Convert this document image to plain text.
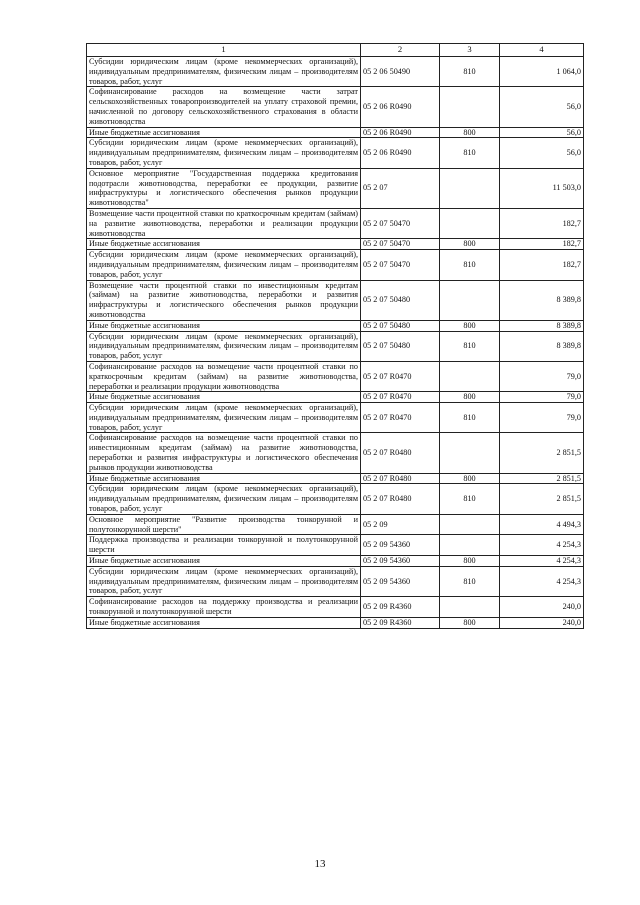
1	2	3	4
Субсидии юридическим лицам (кроме некоммерческих организаций), индивидуальным предпринимателям, физическим лицам – производителям товаров, работ, услуг	05 2 06 50490	810	1 064,0
Софинансирование расходов на возмещение части затрат сельскохозяйственных товаропроизводителей на уплату страховой премии, начисленной по договору сельскохозяйственного страхования в области животноводства	05 2 06 R0490		56,0
Иные бюджетные ассигнования	05 2 06 R0490	800	56,0
Субсидии юридическим лицам (кроме некоммерческих организаций), индивидуальным предпринимателям, физическим лицам – производителям товаров, работ, услуг	05 2 06 R0490	810	56,0
Основное мероприятие "Государственная поддержка кредитования подотрасли животноводства, переработки ее продукции, развитие инфраструктуры и логистического обеспечения рынков продукции животноводства"	05 2 07		11 503,0
Возмещение части процентной ставки по краткосрочным кредитам (займам) на развитие животноводства, переработки и реализации продукции животноводства	05 2 07 50470		182,7
Иные бюджетные ассигнования	05 2 07 50470	800	182,7
Субсидии юридическим лицам (кроме некоммерческих организаций), индивидуальным предпринимателям, физическим лицам – производителям товаров, работ, услуг	05 2 07 50470	810	182,7
Возмещение части процентной ставки по инвестиционным кредитам (займам) на развитие животноводства, переработки и развития инфраструктуры и логистического обеспечения рынков продукции животноводства	05 2 07 50480		8 389,8
Иные бюджетные ассигнования	05 2 07 50480	800	8 389,8
Субсидии юридическим лицам (кроме некоммерческих организаций), индивидуальным предпринимателям, физическим лицам – производителям товаров, работ, услуг	05 2 07 50480	810	8 389,8
Софинансирование расходов на возмещение части процентной ставки по краткосрочным кредитам (займам) на развитие животноводства, переработки и реализации продукции животноводства	05 2 07 R0470		79,0
Иные бюджетные ассигнования	05 2 07 R0470	800	79,0
Субсидии юридическим лицам (кроме некоммерческих организаций), индивидуальным предпринимателям, физическим лицам – производителям товаров, работ, услуг	05 2 07 R0470	810	79,0
Софинансирование расходов на возмещение части процентной ставки по инвестиционным кредитам (займам) на развитие животноводства, переработки и развития инфраструктуры и логистического обеспечения рынков продукции животноводства	05 2 07 R0480		2 851,5
Иные бюджетные ассигнования	05 2 07 R0480	800	2 851,5
Субсидии юридическим лицам (кроме некоммерческих организаций), индивидуальным предпринимателям, физическим лицам – производителям товаров, работ, услуг	05 2 07 R0480	810	2 851,5
Основное мероприятие "Развитие производства тонкорунной и полутонкорунной шерсти"	05 2 09		4 494,3
Поддержка производства и реализации тонкорунной и полутонкорунной шерсти	05 2 09 54360		4 254,3
Иные бюджетные ассигнования	05 2 09 54360	800	4 254,3
Субсидии юридическим лицам (кроме некоммерческих организаций), индивидуальным предпринимателям, физическим лицам – производителям товаров, работ, услуг	05 2 09 54360	810	4 254,3
Софинансирование расходов на поддержку производства и реализации тонкорунной и полутонкорунной шерсти	05 2 09 R4360		240,0
Иные бюджетные ассигнования	05 2 09 R4360	800	240,0
13
